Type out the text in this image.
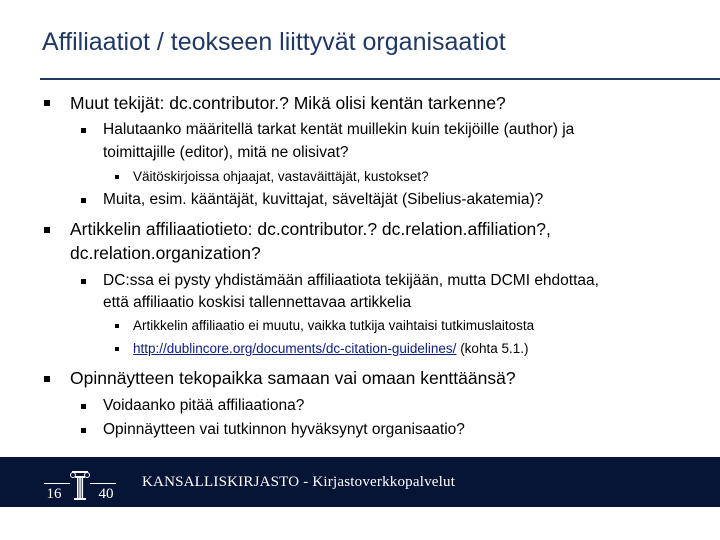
Affiliaatiot / teokseen liittyvät organisaatiot
Muut tekijät: dc.contributor.? Mikä olisi kentän tarkenne?
Halutaanko määritellä tarkat kentät muillekin kuin tekijöille (author) ja
toimittajille (editor), mitä ne olisivat?
Väitöskirjoissa ohjaajat, vastaväittäjät, kustokset?
Muita, esim. kääntäjät, kuvittajat, säveltäjät (Sibelius-akatemia)?
Artikkelin affiliaatiotieto: dc.contributor.? dc.relation.affiliation?,
dc.relation.organization?
DC:ssa ei pysty yhdistämään affiliaatiota tekijään, mutta DCMI ehdottaa,
että affiliaatio koskisi tallennettavaa artikkelia
Artikkelin affiliaatio ei muutu, vaikka tutkija vaihtaisi tutkimuslaitosta
http://dublincore.org/documents/dc-citation-guidelines/ (kohta 5.1.)
Opinnäytteen tekopaikka samaan vai omaan kenttäänsä?
Voidaanko pitää affiliaationa?
Opinnäytteen vai tutkinnon hyväksynyt organisaatio?
16 40
KANSALLISKIRJASTO - Kirjastoverkkopalvelut
